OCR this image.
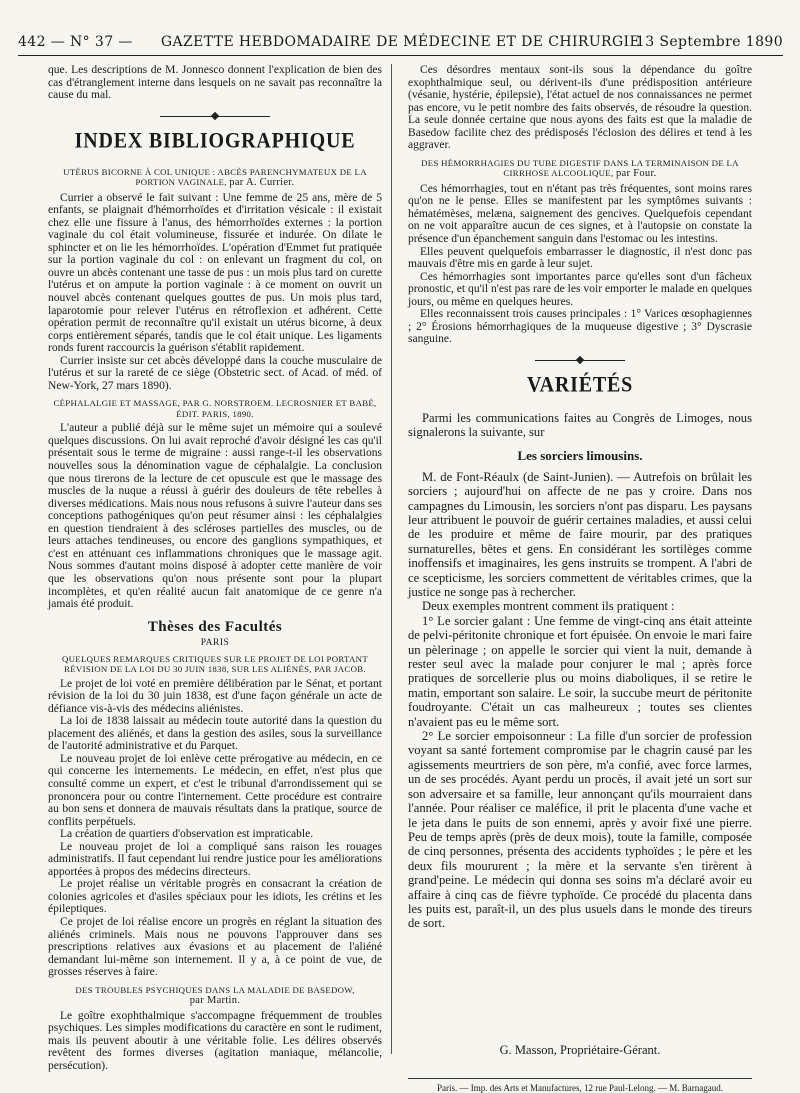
442 — N° 37 —	GAZETTE HEBDOMADAIRE DE MÉDECINE ET DE CHIRURGIE
13 Septembre 1890

que. Les descriptions de M. Jonnesco donnent l'explication de bien des cas d'étranglement interne dans lesquels on ne savait pas reconnaître la cause du mal.

INDEX BIBLIOGRAPHIQUE
UTÉRUS BICORNE À COL UNIQUE : ABCÈS PARENCHYMATEUX DE LA PORTION VAGINALE, par A. Currier.

Currier a observé le fait suivant : Une femme de 25 ans, mère de 5 enfants, se plaignait d'hémorrhoïdes et d'irritation vésicale : il existait chez elle une fissure à l'anus, des hémorrhoïdes externes : la portion vaginale du col était volumineuse, fissurée et indurée. On dilate le sphincter et on lie les hémorrhoïdes. L'opération d'Emmet fut pratiquée sur la portion vaginale du col : on enlevant un fragment du col, on ouvre un abcès contenant une tasse de pus : un mois plus tard on curette l'utérus et on ampute la portion vaginale : à ce moment on ouvrit un nouvel abcès contenant quelques gouttes de pus. Un mois plus tard, laparotomie pour relever l'utérus en rétroflexion et adhérent. Cette opération permit de reconnaître qu'il existait un utérus bicorne, à deux corps entièrement séparés, tandis que le col était unique. Les ligaments ronds furent raccourcis la guérison s'établit rapidement.

Currier insiste sur cet abcès développé dans la couche musculaire de l'utérus et sur la rareté de ce siège (Obstetric sect. of Acad. of méd. of New-York, 27 mars 1890).

CÉPHALALGIE ET MASSAGE, PAR G. NORSTROEM. LECROSNIER ET BABÉ, ÉDIT. PARIS, 1890.

L'auteur a publié déjà sur le même sujet un mémoire qui a soulevé quelques discussions. On lui avait reproché d'avoir désigné les cas qu'il présentait sous le terme de migraine : aussi range-t-il les observations nouvelles sous la dénomination vague de céphalalgie. La conclusion que nous tirerons de la lecture de cet opuscule est que le massage des muscles de la nuque a réussi à guérir des douleurs de tête rebelles à diverses médications. Mais nous nous refusons à suivre l'auteur dans ses conceptions pathogéniques qu'on peut résumer ainsi : les céphalalgies en question tiendraient à des scléroses partielles des muscles, ou de leurs attaches tendineuses, ou encore des ganglions sympathiques, et c'est en atténuant ces inflammations chroniques que le massage agit. Nous sommes d'autant moins disposé à adopter cette manière de voir que les observations qu'on nous présente sont pour la plupart incomplètes, et qu'en réalité aucun fait anatomique de ce genre n'a jamais été produit.

Thèses des Facultés
PARIS
QUELQUES REMARQUES CRITIQUES SUR LE PROJET DE LOI PORTANT RÉVISION DE LA LOI DU 30 JUIN 1838, SUR LES ALIÉNÉS, PAR JACOB.

Le projet de loi voté en première délibération par le Sénat, et portant révision de la loi du 30 juin 1838, est d'une façon générale un acte de défiance vis-à-vis des médecins aliénistes.

La loi de 1838 laissait au médecin toute autorité dans la question du placement des aliénés, et dans la gestion des asiles, sous la surveillance de l'autorité administrative et du Parquet.

Le nouveau projet de loi enlève cette prérogative au médecin, en ce qui concerne les internements. Le médecin, en effet, n'est plus que consulté comme un expert, et c'est le tribunal d'arrondissement qui se prononcera pour ou contre l'internement. Cette procédure est contraire au bon sens et donnera de mauvais résultats dans la pratique, source de conflits perpétuels.

La création de quartiers d'observation est impraticable.

Le nouveau projet de loi a compliqué sans raison les rouages administratifs. Il faut cependant lui rendre justice pour les améliorations apportées à propos des médecins directeurs.

Le projet réalise un véritable progrès en consacrant la création de colonies agricoles et d'asiles spéciaux pour les idiots, les crétins et les épileptiques.

Ce projet de loi réalise encore un progrès en réglant la situation des aliénés criminels. Mais nous ne pouvons l'approuver dans ses prescriptions relatives aux évasions et au placement de l'aliéné demandant lui-même son internement. Il y a, à ce point de vue, de grosses réserves à faire.

DES TROUBLES PSYCHIQUES DANS LA MALADIE DE BASEDOW,
par Martin.

Le goître exophthalmique s'accompagne fréquemment de troubles psychiques. Les simples modifications du caractère en sont le rudiment, mais ils peuvent aboutir à une véritable folie. Les délires observés revêtent des formes diverses (agitation maniaque, mélancolie, persécution).

Ces désordres mentaux sont-ils sous la dépendance du goître exophthalmique seul, ou dérivent-ils d'une prédisposition antérieure (vésanie, hystérie, épilepsie), l'état actuel de nos connaissances ne permet pas encore, vu le petit nombre des faits observés, de résoudre la question. La seule donnée certaine que nous ayons des faits est que la maladie de Basedow facilite chez des prédisposés l'éclosion des délires et tend à les aggraver.

DES HÉMORRHAGIES DU TUBE DIGESTIF DANS LA TERMINAISON DE LA CIRRHOSE ALCOOLIQUE, par Four.

Ces hémorrhagies, tout en n'étant pas très fréquentes, sont moins rares qu'on ne le pense. Elles se manifestent par les symptômes suivants : hématémèses, melæna, saignement des gencives. Quelquefois cependant on ne voit apparaître aucun de ces signes, et à l'autopsie on constate la présence d'un épanchement sanguin dans l'estomac ou les intestins.

Elles peuvent quelquefois embarrasser le diagnostic, il n'est donc pas mauvais d'être mis en garde à leur sujet.

Ces hémorrhagies sont importantes parce qu'elles sont d'un fâcheux pronostic, et qu'il n'est pas rare de les voir emporter le malade en quelques jours, ou même en quelques heures.

Elles reconnaissent trois causes principales : 1° Varices œsophagiennes ; 2° Érosions hémorrhagiques de la muqueuse digestive ; 3° Dyscrasie sanguine.

VARIÉTÉS

Parmi les communications faites au Congrès de Limoges, nous signalerons la suivante, sur

Les sorciers limousins.

M. de Font-Réaulx (de Saint-Junien). — Autrefois on brûlait les sorciers ; aujourd'hui on affecte de ne pas y croire. Dans nos campagnes du Limousin, les sorciers n'ont pas disparu. Les paysans leur attribuent le pouvoir de guérir certaines maladies, et aussi celui de les produire et même de faire mourir, par des pratiques surnaturelles, bêtes et gens. En considérant les sortilèges comme inoffensifs et imaginaires, les gens instruits se trompent. A l'abri de ce scepticisme, les sorciers commettent de véritables crimes, que la justice ne songe pas à rechercher.

Deux exemples montrent comment ils pratiquent :

1° Le sorcier galant : Une femme de vingt-cinq ans était atteinte de pelvi-péritonite chronique et fort épuisée. On envoie le mari faire un pèlerinage ; on appelle le sorcier qui vient la nuit, demande à rester seul avec la malade pour conjurer le mal ; après force pratiques de sorcellerie plus ou moins diaboliques, il se retire le matin, emportant son salaire. Le soir, la succube meurt de péritonite foudroyante. C'était un cas malheureux ; toutes ses clientes n'avaient pas eu le même sort.

2° Le sorcier empoisonneur : La fille d'un sorcier de profession voyant sa santé fortement compromise par le chagrin causé par les agissements meurtriers de son père, m'a confié, avec force larmes, un de ses procédés. Ayant perdu un procès, il avait jeté un sort sur son adversaire et sa famille, leur annonçant qu'ils mourraient dans l'année. Pour réaliser ce maléfice, il prit le placenta d'une vache et le jeta dans le puits de son ennemi, après y avoir fixé une pierre. Peu de temps après (près de deux mois), toute la famille, composée de cinq personnes, présenta des accidents typhoïdes ; le père et les deux fils moururent ; la mère et la servante s'en tirèrent à grand'peine. Le médecin qui donna ses soins m'a déclaré avoir eu affaire à cinq cas de fièvre typhoïde. Ce procédé du placenta dans les puits est, paraît-il, un des plus usuels dans le monde des tireurs de sort.

G. Masson, Propriétaire-Gérant.
Paris. — Imp. des Arts et Manufactures, 12 rue Paul-Lelong. — M. Barnagaud.
